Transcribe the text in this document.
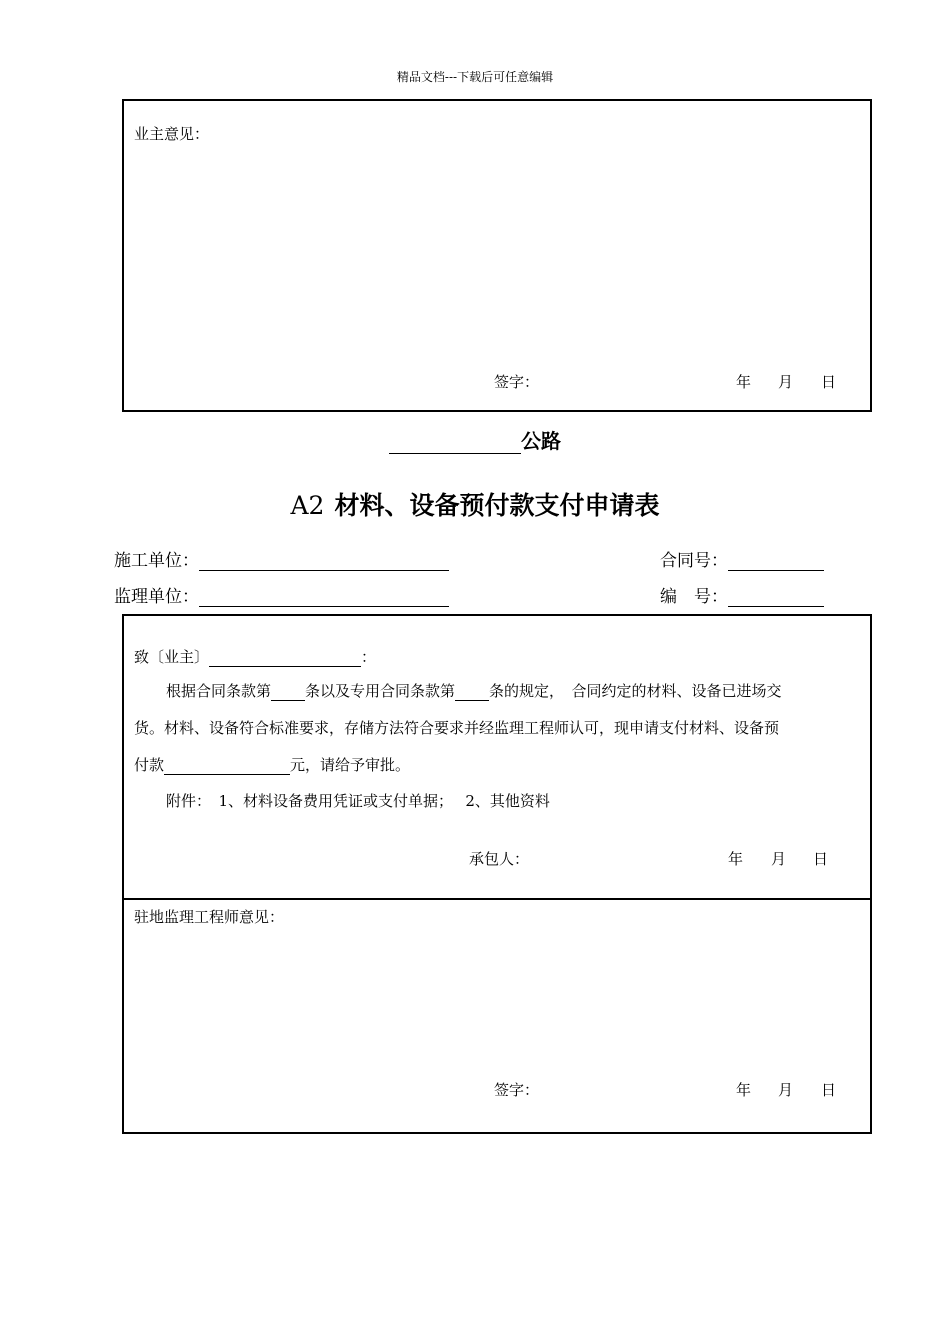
精品文档---下载后可任意编辑
业主意见：
签字：	年 月 日
公路
A2 材料、设备预付款支付申请表
施工单位：	合同号：
监理单位：	编　号：
致〔业主〕	：
根据合同条款第 条以及专用合同条款第 条的规定，　合同约定的材料、设备已进场交
货。材料、设备符合标准要求，存储方法符合要求并经监理工程师认可，现申请支付材料、设备预
付款	元，请给予审批。
附件：　1、材料设备费用凭证或支付单据；　 2、其他资料
承包人：	年 月 日
驻地监理工程师意见：
签字：	年 月 日
